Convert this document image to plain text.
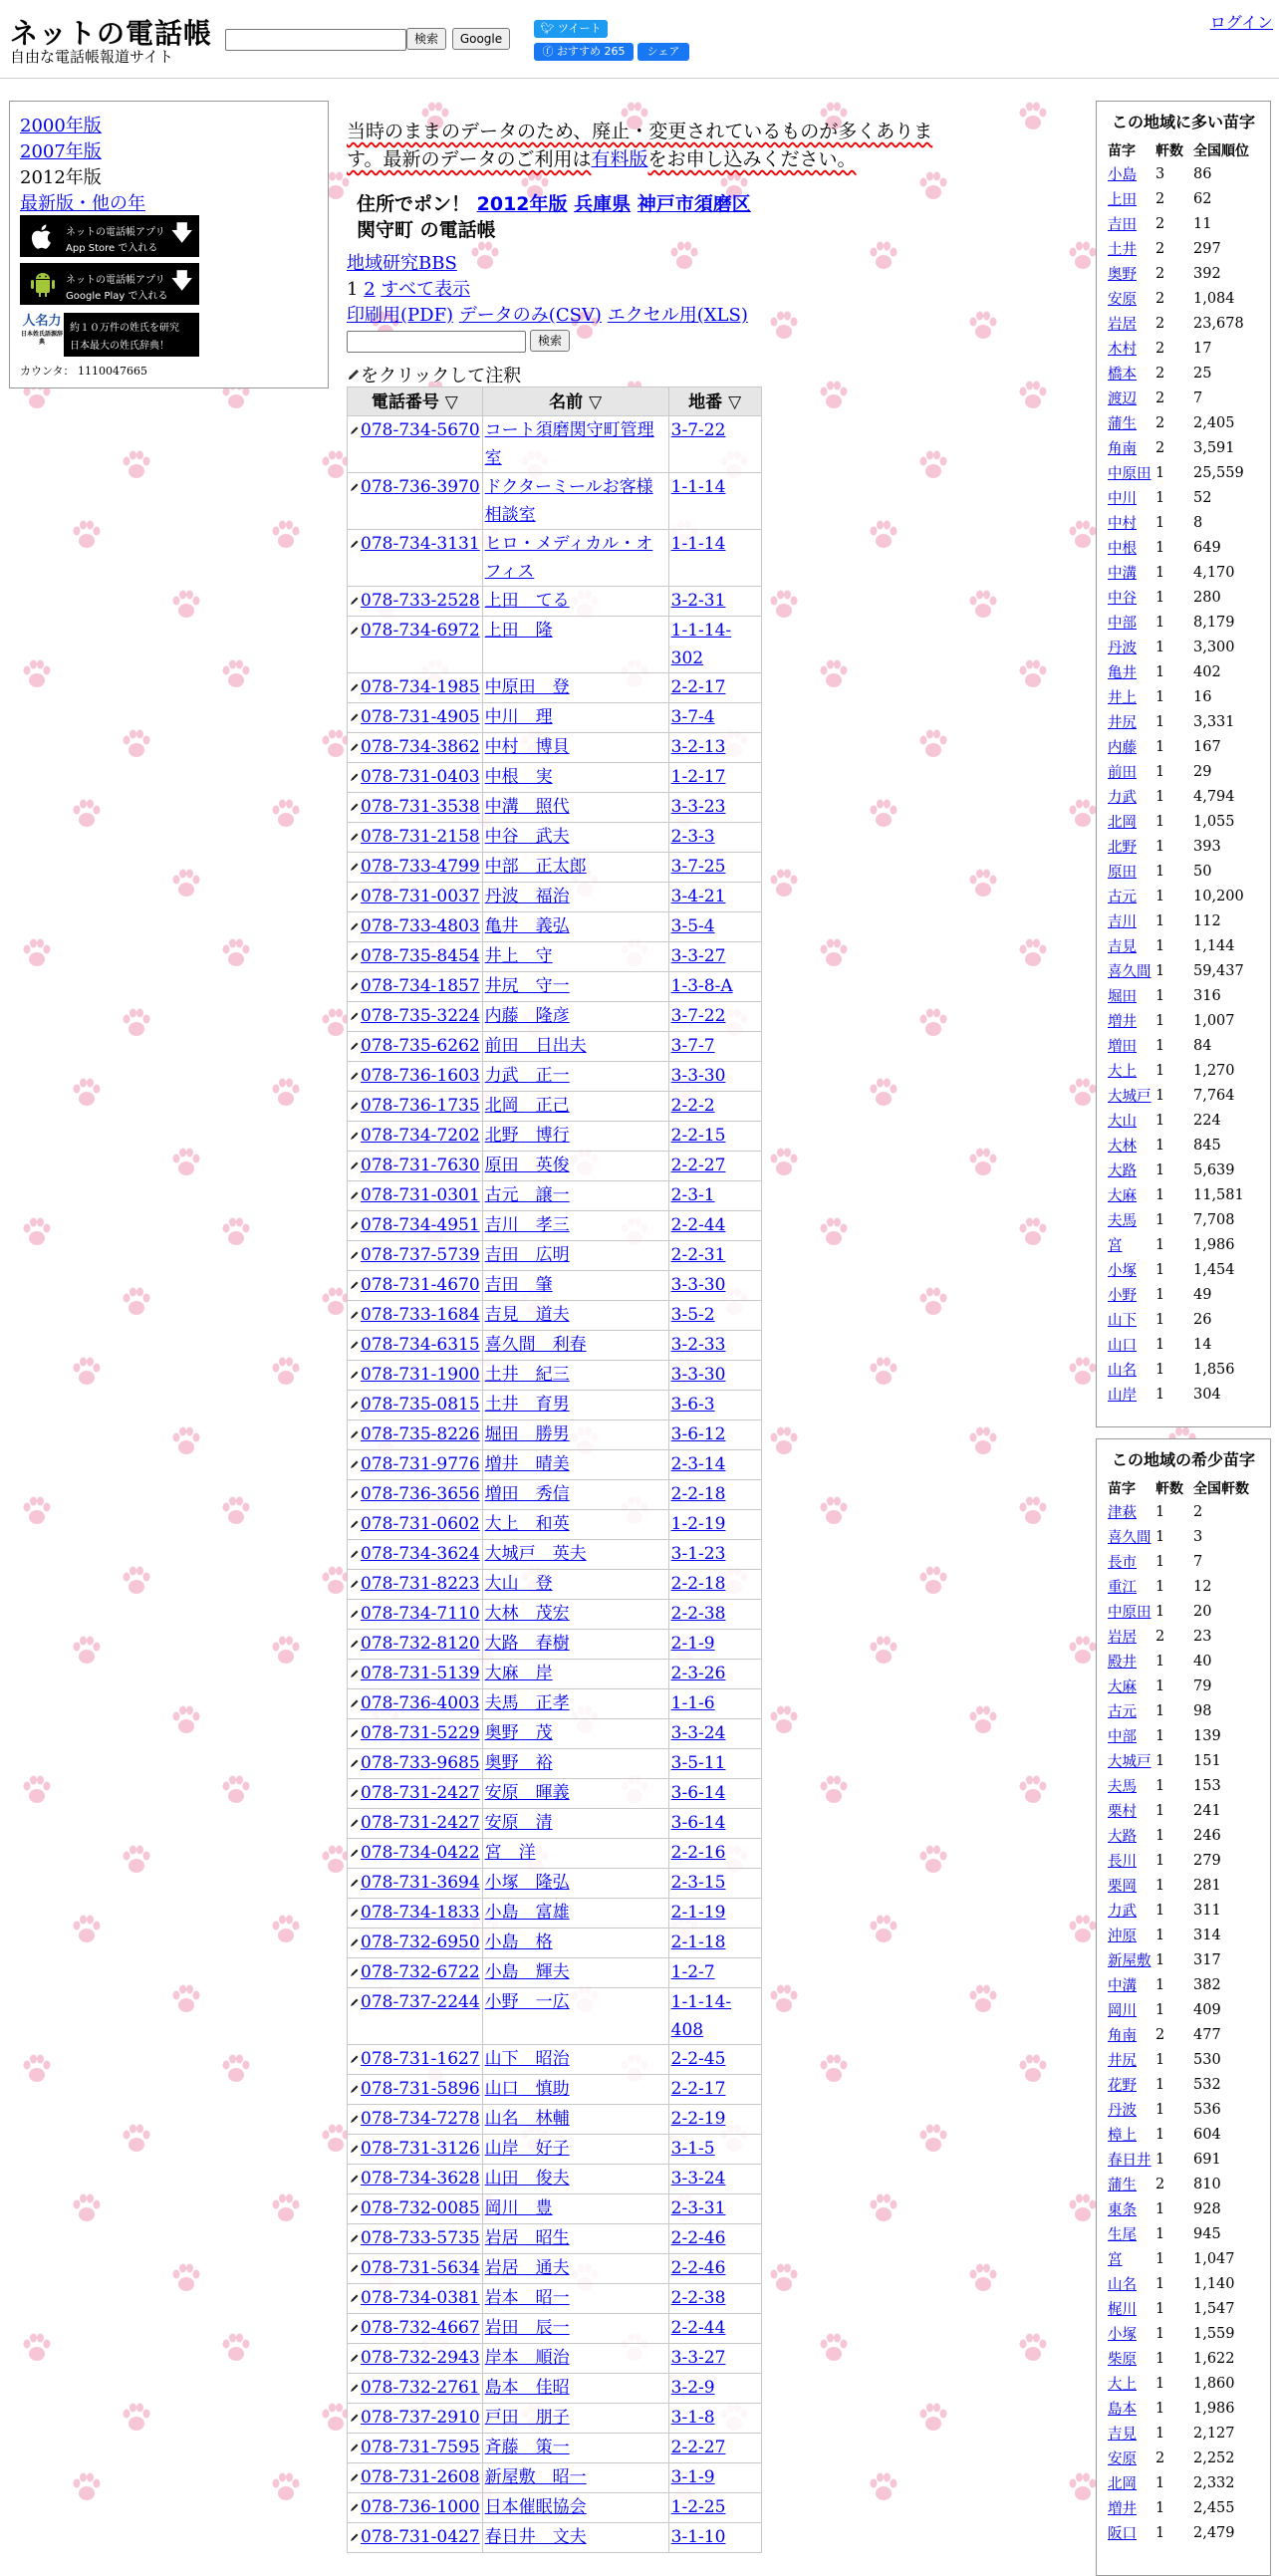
ネットの電話帳
自由な電話帳報道サイト
検索	Google
🐦︎ ツイート
ⓕ おすすめ 265	シェア
ログイン
2000年版
2007年版
2012年版
最新版・他の年
ネットの電話帳アプリ
App Store で入れる
🡇
ネットの電話帳アプリ
Google Play で入れる
🡇
人名力
日本姓氏語源辞典
約１０万件の姓氏を研究
日本最大の姓氏辞典！
カウンタ： 1110047665
当時のままのデータのため、廃止・変更されているものが多くあります。最新のデータのご利用は有料版をお申し込みください。
住所でポン！ 2012年版 兵庫県 神戸市須磨区
関守町 の電話帳
地域研究BBS
1 2 すべて表示
印刷用(PDF) データのみ(CSV) エクセル用(XLS)
検索
をクリックして注釈
電話番号 ▽	名前 ▽	地番 ▽
078-734-5670	コート須磨関守町管理室	3-7-22
078-736-3970	ドクターミールお客様相談室	1-1-14
078-734-3131	ヒロ・メディカル・オフィス	1-1-14
078-733-2528	上田　てる	3-2-31
078-734-6972	上田　隆	1-1-14-302
078-734-1985	中原田　登	2-2-17
078-731-4905	中川　理	3-7-4
078-734-3862	中村　博貝	3-2-13
078-731-0403	中根　実	1-2-17
078-731-3538	中溝　照代	3-3-23
078-731-2158	中谷　武夫	2-3-3
078-733-4799	中部　正太郎	3-7-25
078-731-0037	丹波　福治	3-4-21
078-733-4803	亀井　義弘	3-5-4
078-735-8454	井上　守	3-3-27
078-734-1857	井尻　守一	1-3-8-A
078-735-3224	内藤　隆彦	3-7-22
078-735-6262	前田　日出夫	3-7-7
078-736-1603	力武　正一	3-3-30
078-736-1735	北岡　正己	2-2-2
078-734-7202	北野　博行	2-2-15
078-731-7630	原田　英俊	2-2-27
078-731-0301	古元　譲一	2-3-1
078-734-4951	吉川　孝三	2-2-44
078-737-5739	吉田　広明	2-2-31
078-731-4670	吉田　肇	3-3-30
078-733-1684	吉見　道夫	3-5-2
078-734-6315	喜久間　利春	3-2-33
078-731-1900	土井　紀三	3-3-30
078-735-0815	土井　育男	3-6-3
078-735-8226	堀田　勝男	3-6-12
078-731-9776	増井　晴美	2-3-14
078-736-3656	増田　秀信	2-2-18
078-731-0602	大上　和英	1-2-19
078-734-3624	大城戸　英夫	3-1-23
078-731-8223	大山　登	2-2-18
078-734-7110	大林　茂宏	2-2-38
078-732-8120	大路　春樹	2-1-9
078-731-5139	大麻　岸	2-3-26
078-736-4003	夫馬　正孝	1-1-6
078-731-5229	奥野　茂	3-3-24
078-733-9685	奥野　裕	3-5-11
078-731-2427	安原　暉義	3-6-14
078-731-2427	安原　清	3-6-14
078-734-0422	宮　洋	2-2-16
078-731-3694	小塚　隆弘	2-3-15
078-734-1833	小島　富雄	2-1-19
078-732-6950	小島　格	2-1-18
078-732-6722	小島　輝夫	1-2-7
078-737-2244	小野　一広	1-1-14-408
078-731-1627	山下　昭治	2-2-45
078-731-5896	山口　慎助	2-2-17
078-734-7278	山名　林輔	2-2-19
078-731-3126	山岸　好子	3-1-5
078-734-3628	山田　俊夫	3-3-24
078-732-0085	岡川　豊	2-3-31
078-733-5735	岩居　昭生	2-2-46
078-731-5634	岩居　通夫	2-2-46
078-734-0381	岩本　昭一	2-2-38
078-732-4667	岩田　辰一	2-2-44
078-732-2943	岸本　順治	3-3-27
078-732-2761	島本　佳昭	3-2-9
078-737-2910	戸田　朋子	3-1-8
078-731-7595	斉藤　策一	2-2-27
078-731-2608	新屋敷　昭一	3-1-9
078-736-1000	日本催眠協会	1-2-25
078-731-0427	春日井　文夫	3-1-10
この地域に多い苗字
苗字	軒数	全国順位
小島	3	86
上田	2	62
吉田	2	11
土井	2	297
奥野	2	392
安原	2	1,084
岩居	2	23,678
木村	2	17
橋本	2	25
渡辺	2	7
蒲生	2	2,405
角南	2	3,591
中原田	1	25,559
中川	1	52
中村	1	8
中根	1	649
中溝	1	4,170
中谷	1	280
中部	1	8,179
丹波	1	3,300
亀井	1	402
井上	1	16
井尻	1	3,331
内藤	1	167
前田	1	29
力武	1	4,794
北岡	1	1,055
北野	1	393
原田	1	50
古元	1	10,200
吉川	1	112
吉見	1	1,144
喜久間	1	59,437
堀田	1	316
増井	1	1,007
増田	1	84
大上	1	1,270
大城戸	1	7,764
大山	1	224
大林	1	845
大路	1	5,639
大麻	1	11,581
夫馬	1	7,708
宮	1	1,986
小塚	1	1,454
小野	1	49
山下	1	26
山口	1	14
山名	1	1,856
山岸	1	304
この地域の希少苗字
苗字	軒数	全国軒数
津萩	1	2
喜久間	1	3
長市	1	7
重江	1	12
中原田	1	20
岩居	2	23
殿井	1	40
大麻	1	79
古元	1	98
中部	1	139
大城戸	1	151
夫馬	1	153
栗村	1	241
大路	1	246
長川	1	279
栗岡	1	281
力武	1	311
沖原	1	314
新屋敷	1	317
中溝	1	382
岡川	1	409
角南	2	477
井尻	1	530
花野	1	532
丹波	1	536
樟上	1	604
春日井	1	691
蒲生	2	810
東条	1	928
生尾	1	945
宮	1	1,047
山名	1	1,140
梶川	1	1,547
小塚	1	1,559
柴原	1	1,622
大上	1	1,860
島本	1	1,986
吉見	1	2,127
安原	2	2,252
北岡	1	2,332
増井	1	2,455
阪口	1	2,479
